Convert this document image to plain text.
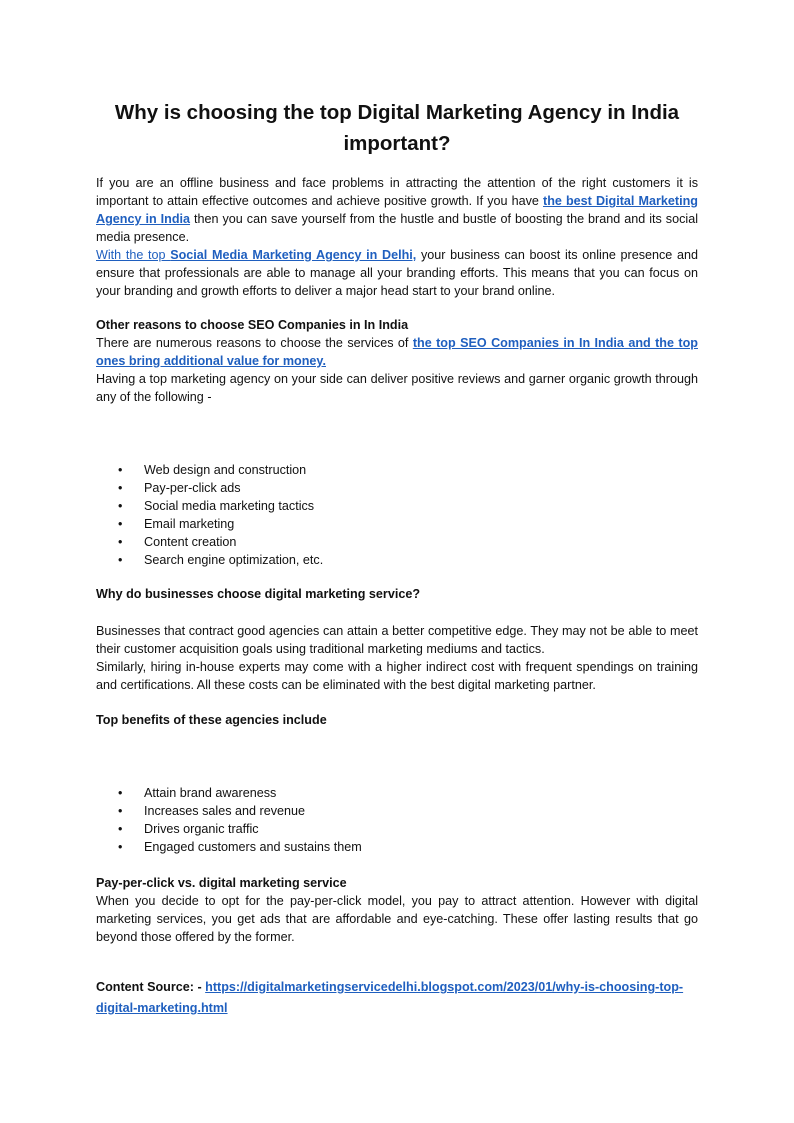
Why is choosing the top Digital Marketing Agency in India important?
If you are an offline business and face problems in attracting the attention of the right customers it is important to attain effective outcomes and achieve positive growth. If you have the best Digital Marketing Agency in India then you can save yourself from the hustle and bustle of boosting the brand and its social media presence.
With the top Social Media Marketing Agency in Delhi, your business can boost its online presence and ensure that professionals are able to manage all your branding efforts. This means that you can focus on your branding and growth efforts to deliver a major head start to your brand online.
Other reasons to choose SEO Companies in In India
There are numerous reasons to choose the services of the top SEO Companies in In India and the top ones bring additional value for money.
Having a top marketing agency on your side can deliver positive reviews and garner organic growth through any of the following -
• Web design and construction
• Pay-per-click ads
• Social media marketing tactics
• Email marketing
• Content creation
• Search engine optimization, etc.
Why do businesses choose digital marketing service?
Businesses that contract good agencies can attain a better competitive edge. They may not be able to meet their customer acquisition goals using traditional marketing mediums and tactics.
Similarly, hiring in-house experts may come with a higher indirect cost with frequent spendings on training and certifications. All these costs can be eliminated with the best digital marketing partner.
Top benefits of these agencies include
• Attain brand awareness
• Increases sales and revenue
• Drives organic traffic
• Engaged customers and sustains them
Pay-per-click vs. digital marketing service
When you decide to opt for the pay-per-click model, you pay to attract attention. However with digital marketing services, you get ads that are affordable and eye-catching. These offer lasting results that go beyond those offered by the former.
Content Source: - https://digitalmarketingservicedelhi.blogspot.com/2023/01/why-is-choosing-top-digital-marketing.html
